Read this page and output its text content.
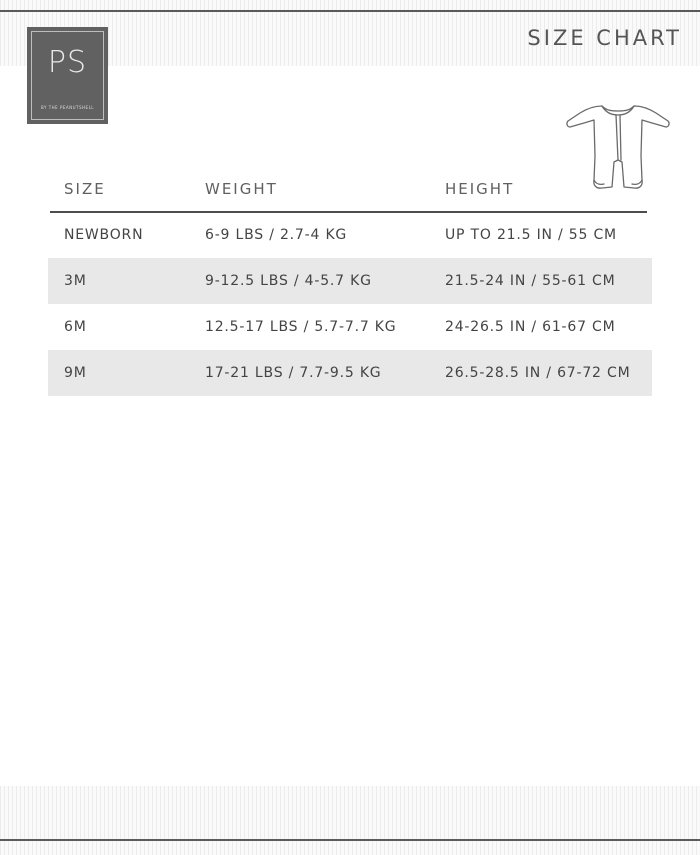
PS
BY THE PEANUTSHELL
SIZE CHART
SIZE	WEIGHT	HEIGHT
NEWBORN	6-9 LBS / 2.7-4 KG	UP TO 21.5 IN / 55 CM
3M	9-12.5 LBS / 4-5.7 KG	21.5-24 IN / 55-61 CM
6M	12.5-17 LBS / 5.7-7.7 KG	24-26.5 IN / 61-67 CM
9M	17-21 LBS / 7.7-9.5 KG	26.5-28.5 IN / 67-72 CM
